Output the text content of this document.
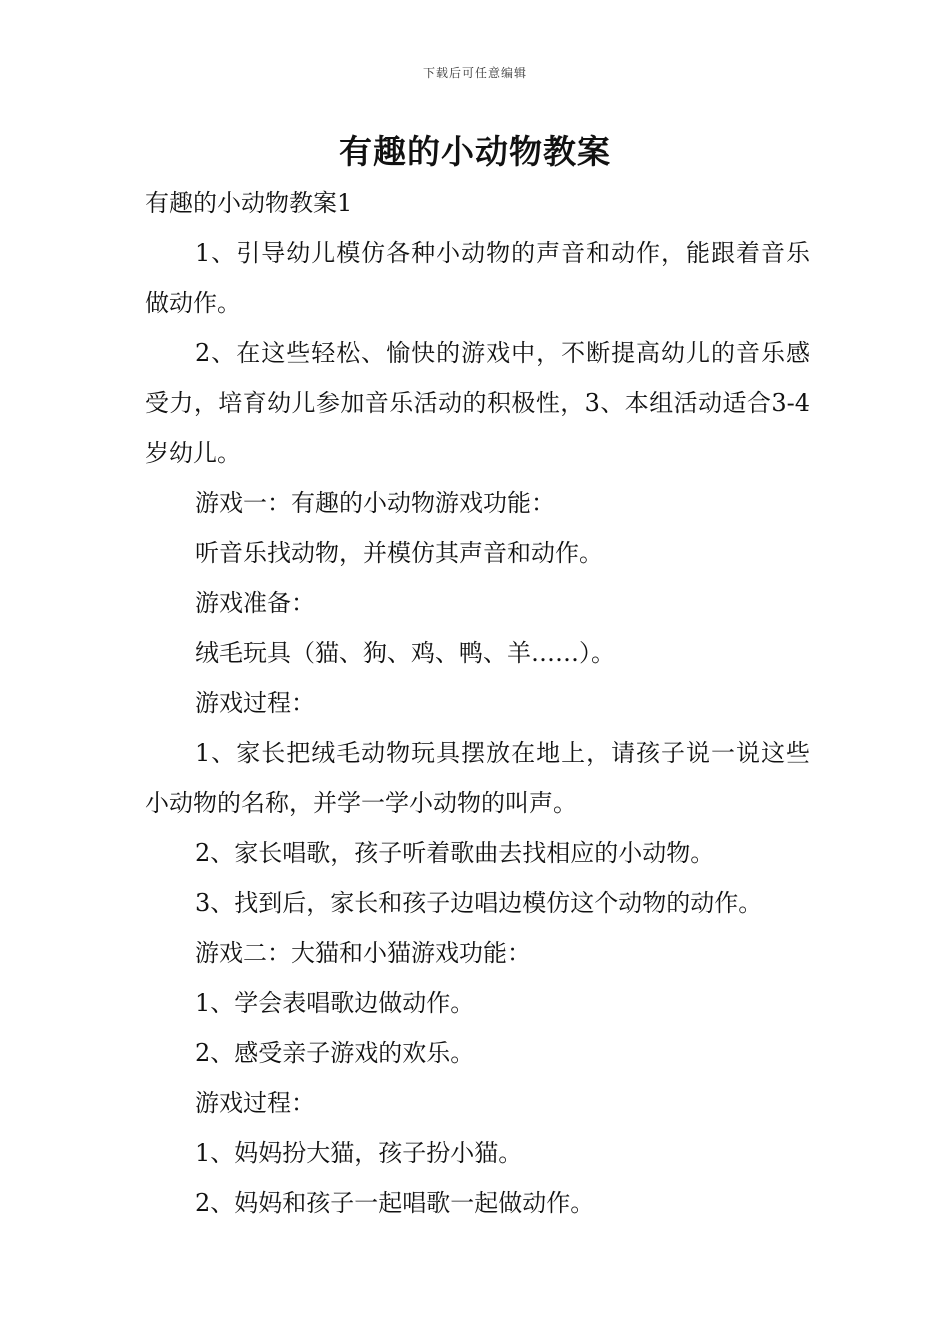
下载后可任意编辑
有趣的小动物教案

有趣的小动物教案1

1、引导幼儿模仿各种小动物的声音和动作，能跟着音乐做动作。

2、在这些轻松、愉快的游戏中，不断提高幼儿的音乐感受力，培育幼儿参加音乐活动的积极性，3、本组活动适合3-4岁幼儿。

游戏一：有趣的小动物游戏功能：

听音乐找动物，并模仿其声音和动作。

游戏准备：

绒毛玩具（猫、狗、鸡、鸭、羊……）。

游戏过程：

1、家长把绒毛动物玩具摆放在地上，请孩子说一说这些小动物的名称，并学一学小动物的叫声。

2、家长唱歌，孩子听着歌曲去找相应的小动物。

3、找到后，家长和孩子边唱边模仿这个动物的动作。

游戏二：大猫和小猫游戏功能：

1、学会表唱歌边做动作。

2、感受亲子游戏的欢乐。

游戏过程：

1、妈妈扮大猫，孩子扮小猫。

2、妈妈和孩子一起唱歌一起做动作。
